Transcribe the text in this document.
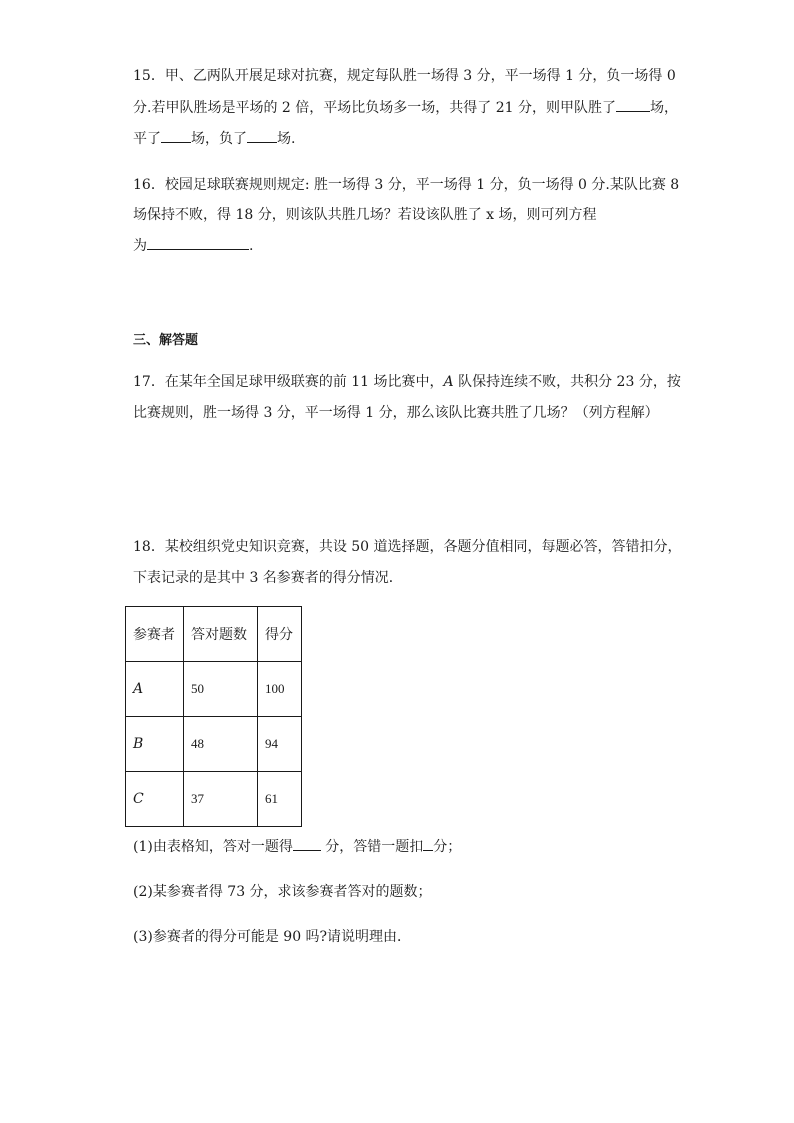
15．甲、乙两队开展足球对抗赛，规定每队胜一场得 3 分，平一场得 1 分，负一场得 0
分.若甲队胜场是平场的 2 倍，平场比负场多一场，共得了 21 分，则甲队胜了 场，
平了 场，负了 场.
16．校园足球联赛规则规定: 胜一场得 3 分，平一场得 1 分，负一场得 0 分.某队比赛 8
场保持不败，得 18 分，则该队共胜几场？若设该队胜了 x 场，则可列方程
为	.
三、解答题
17．在某年全国足球甲级联赛的前 11 场比赛中，A 队保持连续不败，共积分 23 分，按
比赛规则，胜一场得 3 分，平一场得 1 分，那么该队比赛共胜了几场？（列方程解）
18．某校组织党史知识竞赛，共设 50 道选择题，各题分值相同，每题必答，答错扣分，
下表记录的是其中 3 名参赛者的得分情况．
参赛者	答对题数	得分
A	50	100
B	48	94
C	37	61
(1)由表格知，答对一题得 分，答错一题扣 分；
(2)某参赛者得 73 分，求该参赛者答对的题数；
(3)参赛者的得分可能是 90 吗?请说明理由．
